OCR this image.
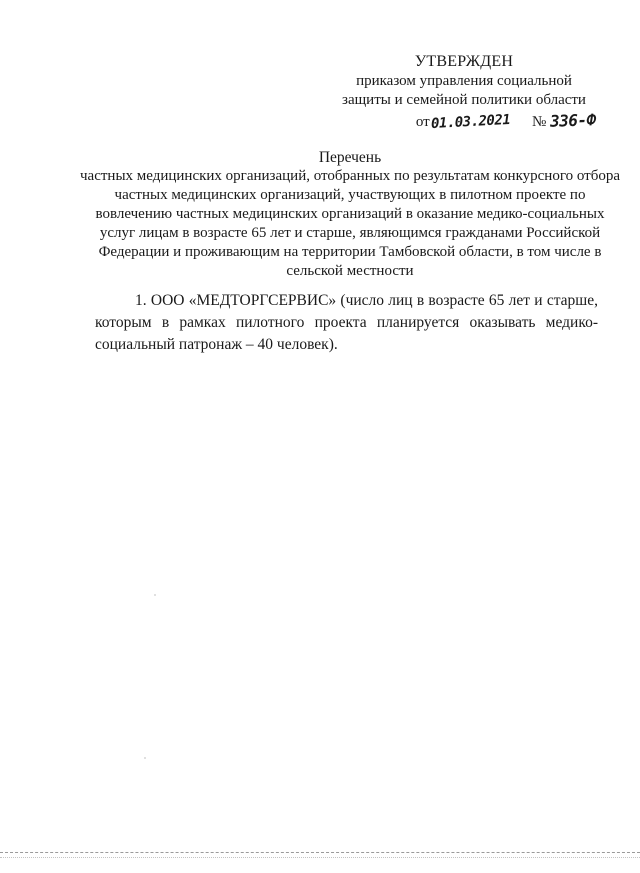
УТВЕРЖДЕН
приказом управления социальной
защиты и семейной политики области
от01.03.2021 № 336-Ф
Перечень
частных медицинских организаций, отобранных по результатам конкурсного отбора частных медицинских организаций, участвующих в пилотном проекте по вовлечению частных медицинских организаций в оказание медико-социальных услуг лицам в возрасте 65 лет и старше, являющимся гражданами Российской Федерации и проживающим на территории Тамбовской области, в том числе в сельской местности

1. ООО «МЕДТОРГСЕРВИС» (число лиц в возрасте 65 лет и старше, которым в рамках пилотного проекта планируется оказывать медико-социальный патронаж – 40 человек).
